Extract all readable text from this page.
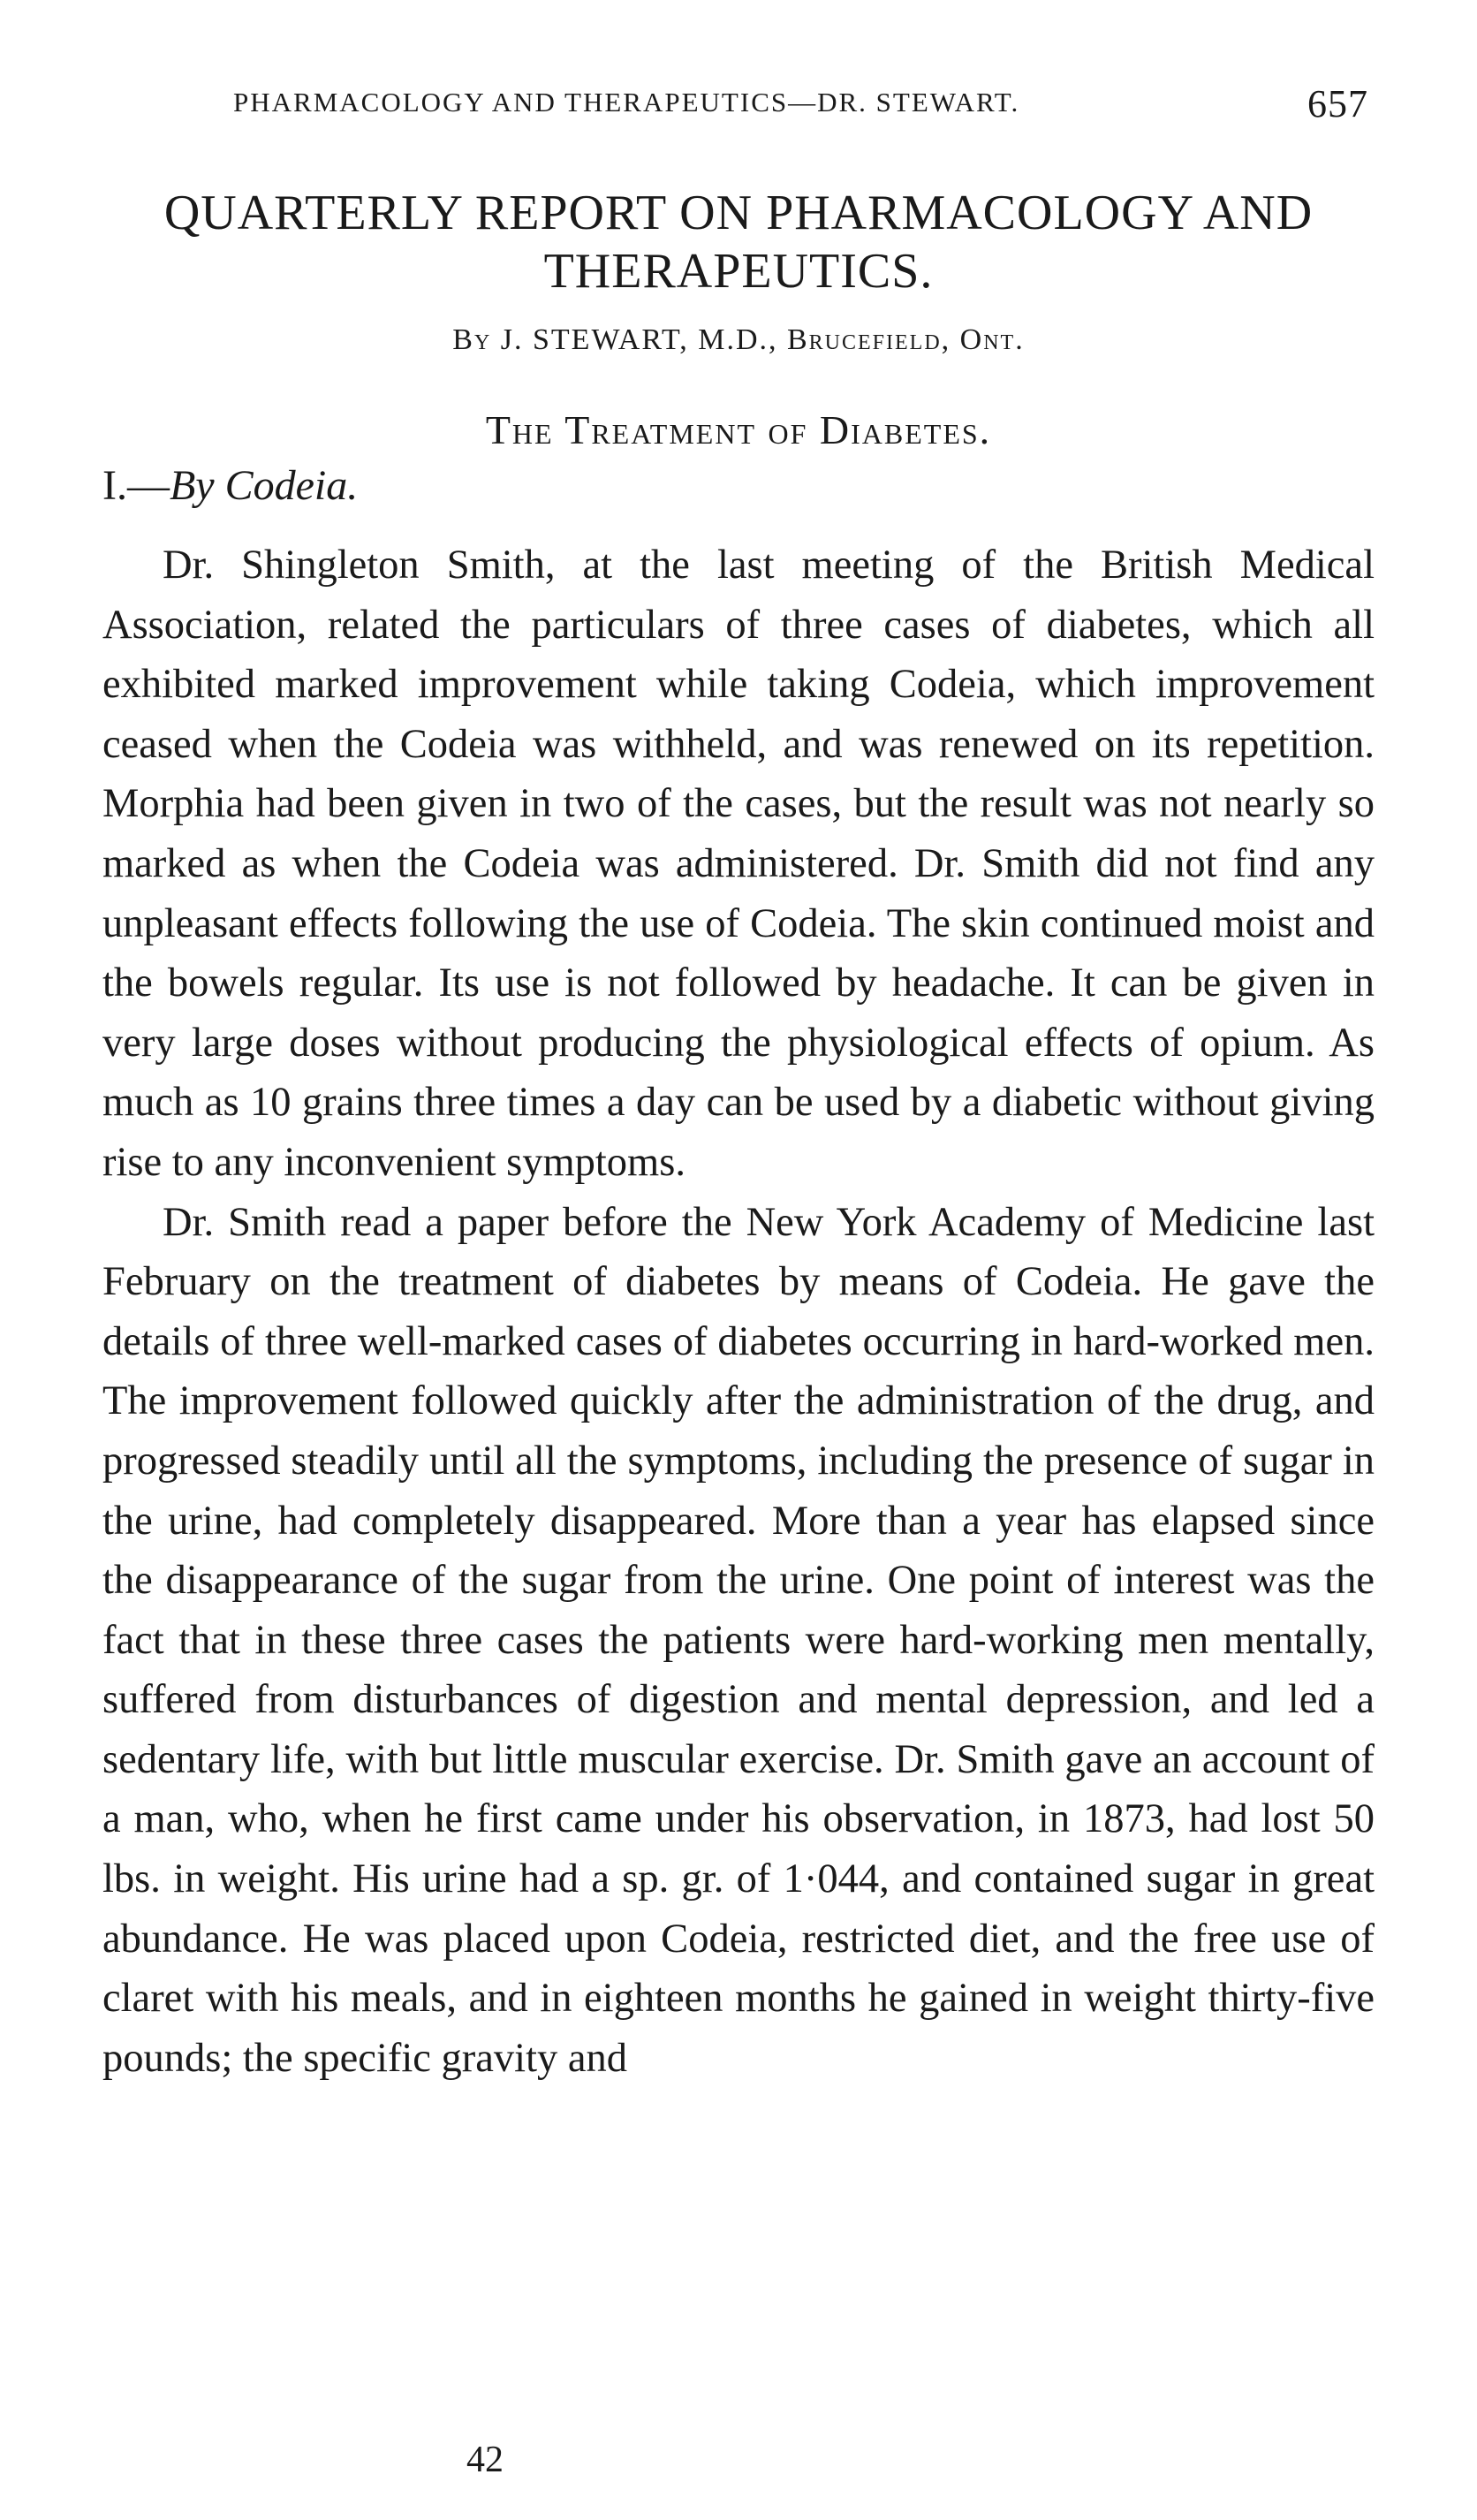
PHARMACOLOGY AND THERAPEUTICS—DR. STEWART.	657
QUARTERLY REPORT ON PHARMACOLOGY AND THERAPEUTICS.
By J. STEWART, M.D., Brucefield, Ont.
The Treatment of Diabetes.
I.—By Codeia.

Dr. Shingleton Smith, at the last meeting of the British Medical Association, related the particulars of three cases of diabetes, which all exhibited marked improvement while taking Codeia, which improvement ceased when the Codeia was withheld, and was renewed on its repetition. Morphia had been given in two of the cases, but the result was not nearly so marked as when the Codeia was administered. Dr. Smith did not find any unpleasant effects following the use of Codeia. The skin continued moist and the bowels regular. Its use is not followed by headache. It can be given in very large doses without producing the physiological effects of opium. As much as 10 grains three times a day can be used by a diabetic without giving rise to any inconvenient symptoms.

Dr. Smith read a paper before the New York Academy of Medicine last February on the treatment of diabetes by means of Codeia. He gave the details of three well-marked cases of diabetes occurring in hard-worked men. The improvement followed quickly after the administration of the drug, and progressed steadily until all the symptoms, including the presence of sugar in the urine, had completely disappeared. More than a year has elapsed since the disappearance of the sugar from the urine. One point of interest was the fact that in these three cases the patients were hard-working men mentally, suffered from disturbances of digestion and mental depression, and led a sedentary life, with but little muscular exercise. Dr. Smith gave an account of a man, who, when he first came under his observation, in 1873, had lost 50 lbs. in weight. His urine had a sp. gr. of 1·044, and contained sugar in great abundance. He was placed upon Codeia, restricted diet, and the free use of claret with his meals, and in eighteen months he gained in weight thirty-five pounds; the specific gravity and

42
